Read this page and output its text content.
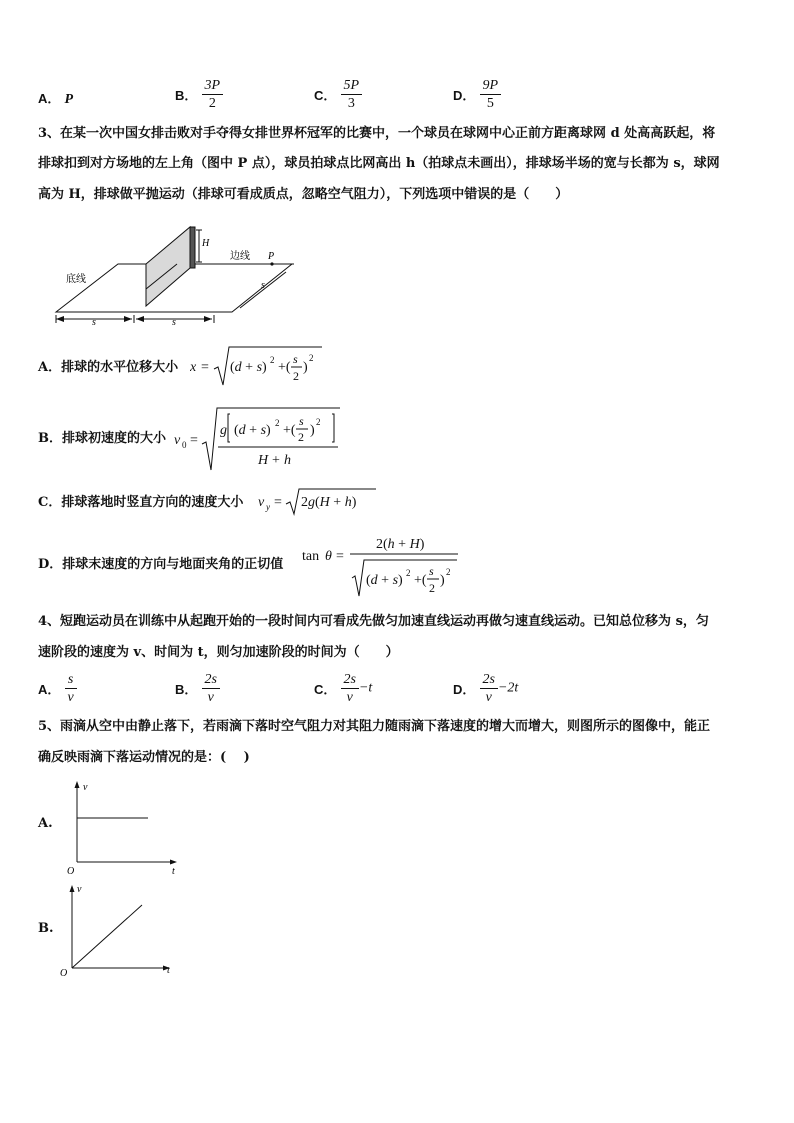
A． P	B． $\frac{3P}{2}$	C． $\frac{5P}{3}$	D． $\frac{9P}{5}$
3、在某一次中国女排击败对手夺得女排世界杯冠军的比赛中，一个球员在球网中心正前方距离球网 d 处高高跃起，将
排球扣到对方场地的左上角（图中 P 点），球员拍球点比网高出 h（拍球点未画出），排球场半场的宽与长都为 s，球网
高为 H，排球做平抛运动（排球可看成质点，忽略空气阻力），下列选项中错误的是（　　）
H
边线 P
底线
s
s	s
A．排球的水平位移大小 x = (d + s) 2 +(
s
2
)
2
B．排球初速度的大小 v 0 =
g (d + s) 2 +(
s
2 )
2
H + h
C．排球落地时竖直方向的速度大小 v y = 2g(H + h)
D．排球末速度的方向与地面夹角的正切值
tan θ =
2(h + H)
(d + s) 2 +(
s
2 )
2
4、短跑运动员在训练中从起跑开始的一段时间内可看成先做匀加速直线运动再做匀速直线运动。已知总位移为 s，匀
速阶段的速度为 v、时间为 t，则匀加速阶段的时间为（　　）
A． $\frac{s}{v}$	B． $\frac{2s}{v}$	C． $\frac{2s}{v} -t$	D． $\frac{2s}{v} -2t$
5、雨滴从空中由静止落下，若雨滴下落时空气阻力对其阻力随雨滴下落速度的增大而增大，则图所示的图像中，能正
确反映雨滴下落运动情况的是：(　 )
A.
v
t
O
B.
v
t
O
